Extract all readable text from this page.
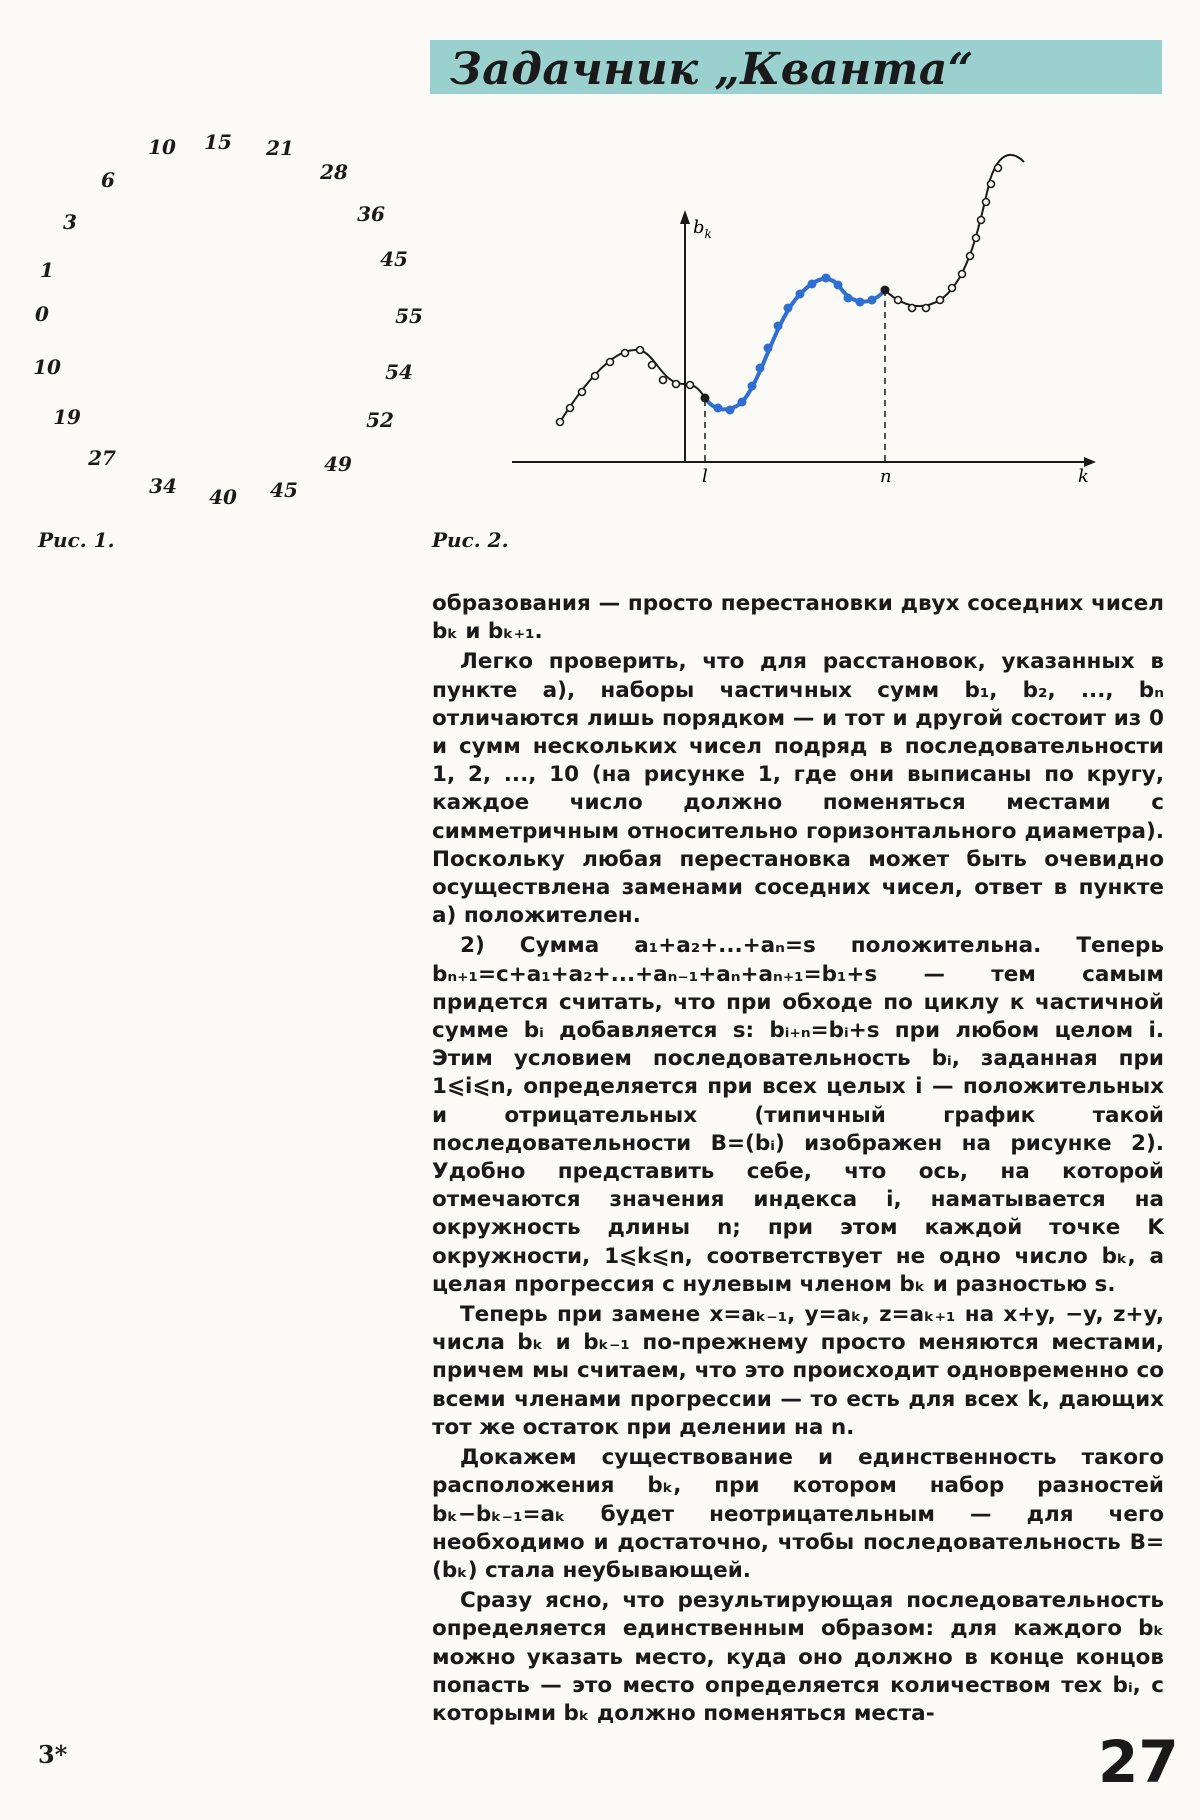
Задачник „Кванта“
0
1
3
6
10 15 21
28
36
45
55
54
52
49
45
40
34
27
19
10
Рис. 1.
$b_k$
k
l	n
Рис. 2.

образования — просто перестановки двух соседних чисел bₖ и bₖ₊₁.

Легко проверить, что для расстановок, указанных в пункте а), наборы частичных сумм b₁, b₂, ..., bₙ отличаются лишь порядком — и тот и другой состоит из 0 и сумм нескольких чисел подряд в последовательности 1, 2, ..., 10 (на рисунке 1, где они выписаны по кругу, каждое число должно поменяться местами с симметричным относительно горизонтального диаметра). Поскольку любая перестановка может быть очевидно осуществлена заменами соседних чисел, ответ в пункте а) положителен.

2) Сумма a₁+a₂+...+aₙ=s положительна. Теперь bₙ₊₁=c+a₁+a₂+...+aₙ₋₁+aₙ+aₙ₊₁=b₁+s — тем самым придется считать, что при обходе по циклу к частичной сумме bᵢ добавляется s: bᵢ₊ₙ=bᵢ+s при любом целом i. Этим условием последовательность bᵢ, заданная при 1⩽i⩽n, определяется при всех целых i — положительных и отрицательных (типичный график такой последовательности B=(bᵢ) изображен на рисунке 2). Удобно представить себе, что ось, на которой отмечаются значения индекса i, наматывается на окружность длины n; при этом каждой точке K окружности, 1⩽k⩽n, соответствует не одно число bₖ, а целая прогрессия с нулевым членом bₖ и разностью s.

Теперь при замене x=aₖ₋₁, y=aₖ, z=aₖ₊₁ на x+y, −y, z+y, числа bₖ и bₖ₋₁ по-прежнему просто меняются местами, причем мы считаем, что это происходит одновременно со всеми членами прогрессии — то есть для всех k, дающих тот же остаток при делении на n.

Докажем существование и единственность такого расположения bₖ, при котором набор разностей bₖ−bₖ₋₁=aₖ будет неотрицательным — для чего необходимо и достаточно, чтобы последовательность B=(bₖ) стала неубывающей.

Сразу ясно, что результирующая последовательность определяется единственным образом: для каждого bₖ можно указать место, куда оно должно в конце концов попасть — это место определяется количеством тех bᵢ, с которыми bₖ должно поменяться места-

3*	27
